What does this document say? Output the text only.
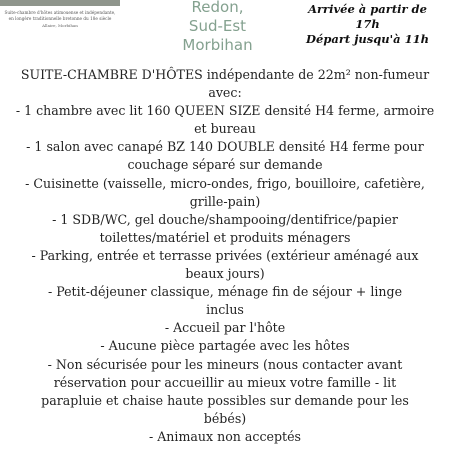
Suite-chambre d'hôtes atimouense et indépendante,
en longère traditionnelle bretonne du 18e siècle
Allaire, Morbihan
Redon,
Sud-Est
Morbihan
Arrivée à partir de
17h
Départ jusqu'à 11h
SUITE-CHAMBRE D'HÔTES indépendante de 22m² non-fumeur
avec:
- 1 chambre avec lit 160 QUEEN SIZE densité H4 ferme, armoire
et bureau
- 1 salon avec canapé BZ 140 DOUBLE densité H4 ferme pour
couchage séparé sur demande
- Cuisinette (vaisselle, micro-ondes, frigo, bouilloire, cafetière,
grille-pain)
- 1 SDB/WC, gel douche/shampooing/dentifrice/papier
toilettes/matériel et produits ménagers
- Parking, entrée et terrasse privées (extérieur aménagé aux
beaux jours)
- Petit-déjeuner classique, ménage fin de séjour + linge
inclus
- Accueil par l'hôte
- Aucune pièce partagée avec les hôtes
- Non sécurisée pour les mineurs (nous contacter avant
réservation pour accueillir au mieux votre famille - lit
parapluie et chaise haute possibles sur demande pour les
bébés)
- Animaux non acceptés
